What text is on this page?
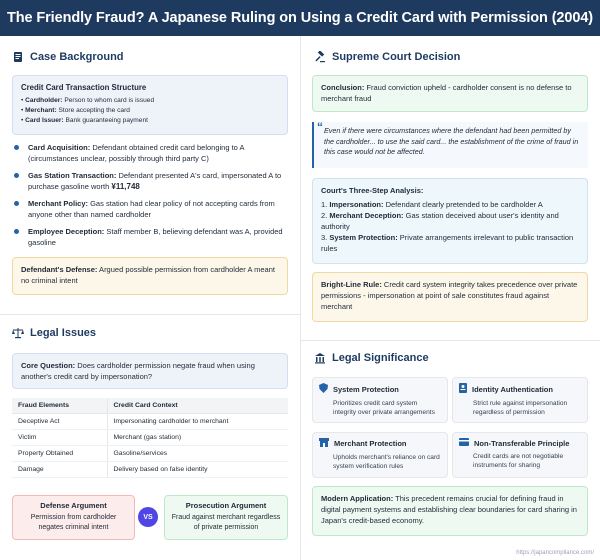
The Friendly Fraud? A Japanese Ruling on Using a Credit Card with Permission (2004)
Case Background
Credit Card Transaction Structure
• Cardholder: Person to whom card is issued
• Merchant: Store accepting the card
• Card Issuer: Bank guaranteeing payment
Card Acquisition: Defendant obtained credit card belonging to A (circumstances unclear, possibly through third party C)
Gas Station Transaction: Defendant presented A's card, impersonated A to purchase gasoline worth ¥11,748
Merchant Policy: Gas station had clear policy of not accepting cards from anyone other than named cardholder
Employee Deception: Staff member B, believing defendant was A, provided gasoline
Defendant's Defense: Argued possible permission from cardholder A meant no criminal intent
Legal Issues
Core Question: Does cardholder permission negate fraud when using another's credit card by impersonation?
Fraud Elements	Credit Card Context
Deceptive Act	Impersonating cardholder to merchant
Victim	Merchant (gas station)
Property Obtained	Gasoline/services
Damage	Delivery based on false identity
Defense Argument
Permission from cardholder negates criminal intent
VS
Prosecution Argument
Fraud against merchant regardless of private permission
Supreme Court Decision
Conclusion: Fraud conviction upheld - cardholder consent is no defense to merchant fraud
“ Even if there were circumstances where the defendant had been permitted by the cardholder... to use the said card... the establishment of the crime of fraud in this case would not be affected.
Court's Three-Step Analysis:
1. Impersonation: Defendant clearly pretended to be cardholder A
2. Merchant Deception: Gas station deceived about user's identity and authority
3. System Protection: Private arrangements irrelevant to public transaction rules
Bright-Line Rule: Credit card system integrity takes precedence over private permissions - impersonation at point of sale constitutes fraud against merchant
Legal Significance
System Protection
Prioritizes credit card system integrity over private arrangements
Identity Authentication
Strict rule against impersonation regardless of permission
Merchant Protection
Upholds merchant's reliance on card system verification rules
Non-Transferable Principle
Credit cards are not negotiable instruments for sharing
Modern Application: This precedent remains crucial for defining fraud in digital payment systems and establishing clear boundaries for card sharing in Japan's credit-based economy.
https://japancompliance.com/
